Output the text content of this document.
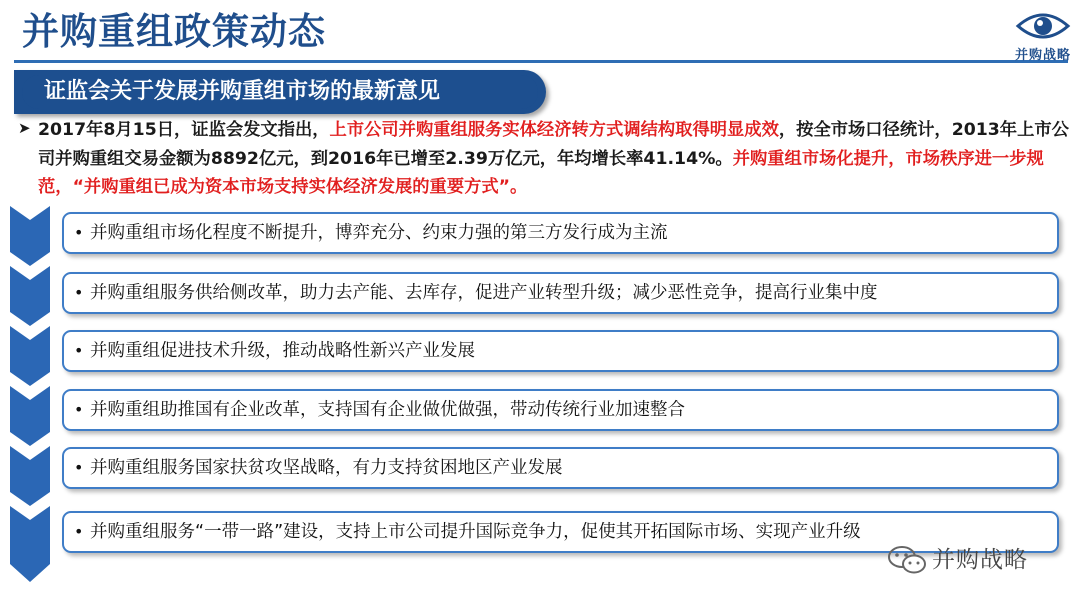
并购重组政策动态
并购战略
证监会关于发展并购重组市场的最新意见
➤ 2017年8月15日，证监会发文指出，上市公司并购重组服务实体经济转方式调结构取得明显成效，按全市场口径统计，2013年上市公司并购重组交易金额为8892亿元，到2016年已增至2.39万亿元，年均增长率41.14%。并购重组市场化提升，市场秩序进一步规范，“并购重组已成为资本市场支持实体经济发展的重要方式”。
• 并购重组市场化程度不断提升，博弈充分、约束力强的第三方发行成为主流
• 并购重组服务供给侧改革，助力去产能、去库存，促进产业转型升级；减少恶性竞争，提高行业集中度
• 并购重组促进技术升级，推动战略性新兴产业发展
• 并购重组助推国有企业改革，支持国有企业做优做强，带动传统行业加速整合
• 并购重组服务国家扶贫攻坚战略，有力支持贫困地区产业发展
• 并购重组服务“一带一路”建设，支持上市公司提升国际竞争力，促使其开拓国际市场、实现产业升级
并购战略
